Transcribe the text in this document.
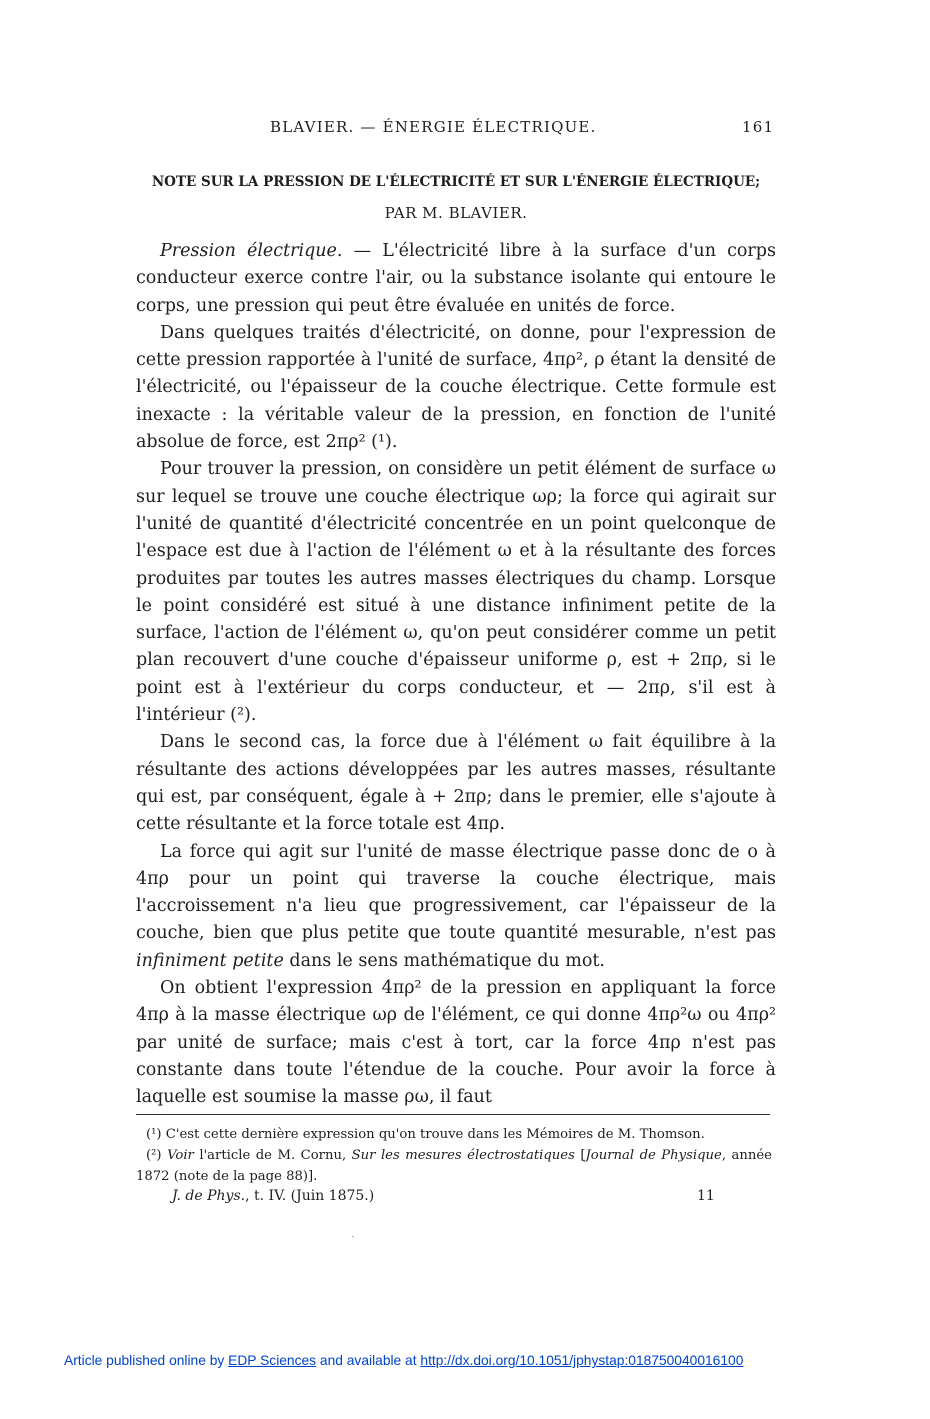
BLAVIER. — ÉNERGIE ÉLECTRIQUE.	161
NOTE SUR LA PRESSION DE L'ÉLECTRICITÉ ET SUR L'ÉNERGIE ÉLECTRIQUE;
PAR M. BLAVIER.

Pression électrique. — L'électricité libre à la surface d'un corps conducteur exerce contre l'air, ou la substance isolante qui entoure le corps, une pression qui peut être évaluée en unités de force.

Dans quelques traités d'électricité, on donne, pour l'expression de cette pression rapportée à l'unité de surface, 4πρ², ρ étant la densité de l'électricité, ou l'épaisseur de la couche électrique. Cette formule est inexacte : la véritable valeur de la pression, en fonction de l'unité absolue de force, est 2πρ² (¹).

Pour trouver la pression, on considère un petit élément de surface ω sur lequel se trouve une couche électrique ωρ; la force qui agirait sur l'unité de quantité d'électricité concentrée en un point quelconque de l'espace est due à l'action de l'élément ω et à la résultante des forces produites par toutes les autres masses électriques du champ. Lorsque le point considéré est situé à une distance infiniment petite de la surface, l'action de l'élément ω, qu'on peut considérer comme un petit plan recouvert d'une couche d'épaisseur uniforme ρ, est + 2πρ, si le point est à l'extérieur du corps conducteur, et — 2πρ, s'il est à l'intérieur (²).

Dans le second cas, la force due à l'élément ω fait équilibre à la résultante des actions développées par les autres masses, résultante qui est, par conséquent, égale à + 2πρ; dans le premier, elle s'ajoute à cette résultante et la force totale est 4πρ.

La force qui agit sur l'unité de masse électrique passe donc de o à 4πρ pour un point qui traverse la couche électrique, mais l'accroissement n'a lieu que progressivement, car l'épaisseur de la couche, bien que plus petite que toute quantité mesurable, n'est pas infiniment petite dans le sens mathématique du mot.

On obtient l'expression 4πρ² de la pression en appliquant la force 4πρ à la masse électrique ωρ de l'élément, ce qui donne 4πρ²ω ou 4πρ² par unité de surface; mais c'est à tort, car la force 4πρ n'est pas constante dans toute l'étendue de la couche. Pour avoir la force à laquelle est soumise la masse ρω, il faut

(¹) C'est cette dernière expression qu'on trouve dans les Mémoires de M. Thomson.

(²) Voir l'article de M. Cornu, Sur les mesures électrostatiques [Journal de Physique, année 1872 (note de la page 88)].

J. de Phys., t. IV. (Juin 1875.)	11
Article published online by EDP Sciences and available at http://dx.doi.org/10.1051/jphystap:018750040016100
